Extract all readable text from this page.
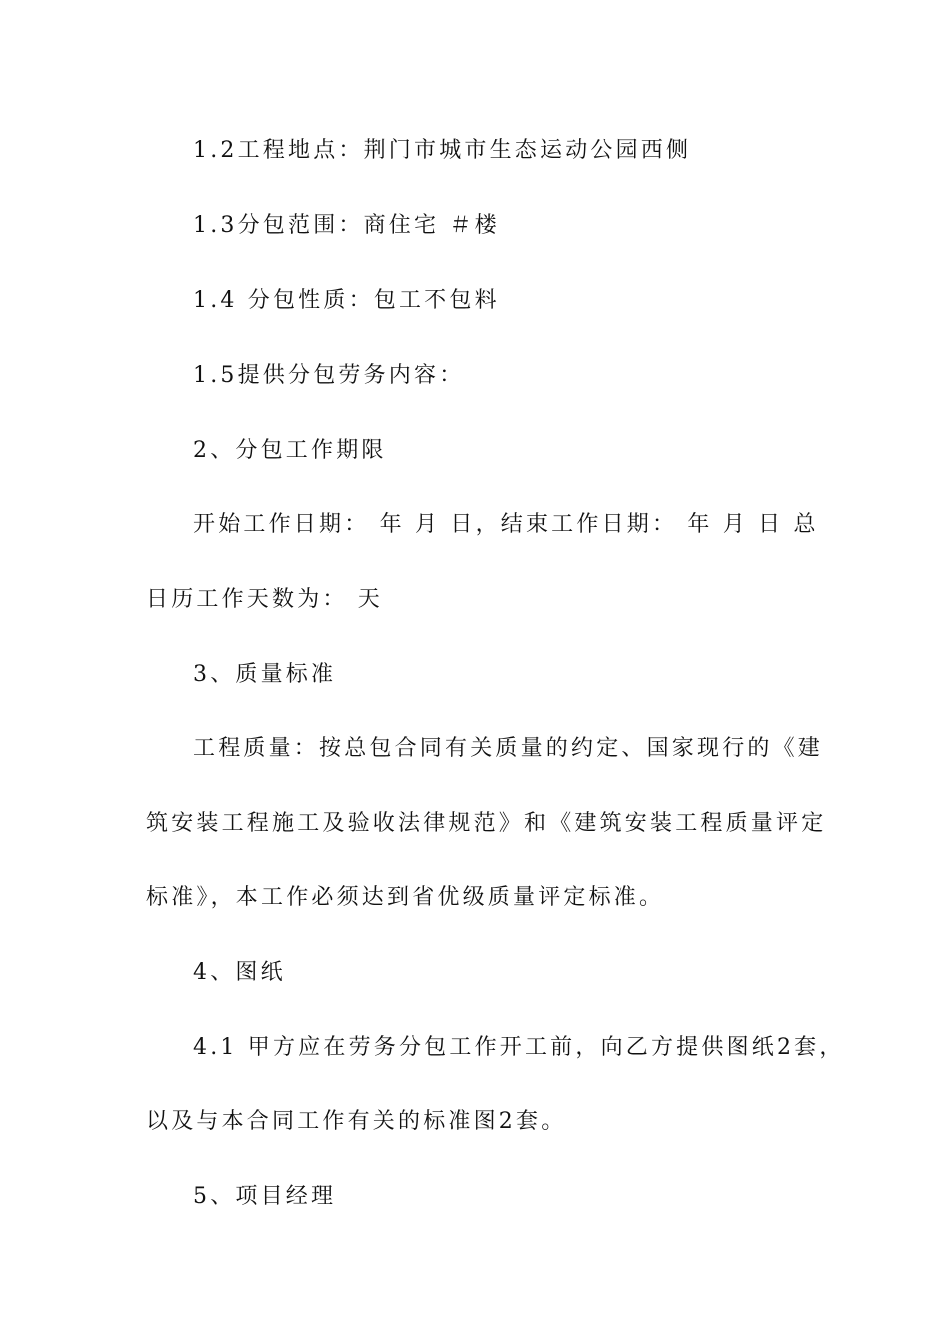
1.2工程地点：荆门市城市生态运动公园西侧

1.3分包范围：商住宅 ＃楼

1.4 分包性质：包工不包料

1.5提供分包劳务内容：

2、分包工作期限

开始工作日期： 年 月 日，结束工作日期： 年 月 日 总

日历工作天数为： 天

3、质量标准

工程质量：按总包合同有关质量的约定、国家现行的《建

筑安装工程施工及验收法律规范》和《建筑安装工程质量评定

标准》，本工作必须达到省优级质量评定标准。

4、图纸

4.1 甲方应在劳务分包工作开工前，向乙方提供图纸2套，

以及与本合同工作有关的标准图2套。

5、项目经理
